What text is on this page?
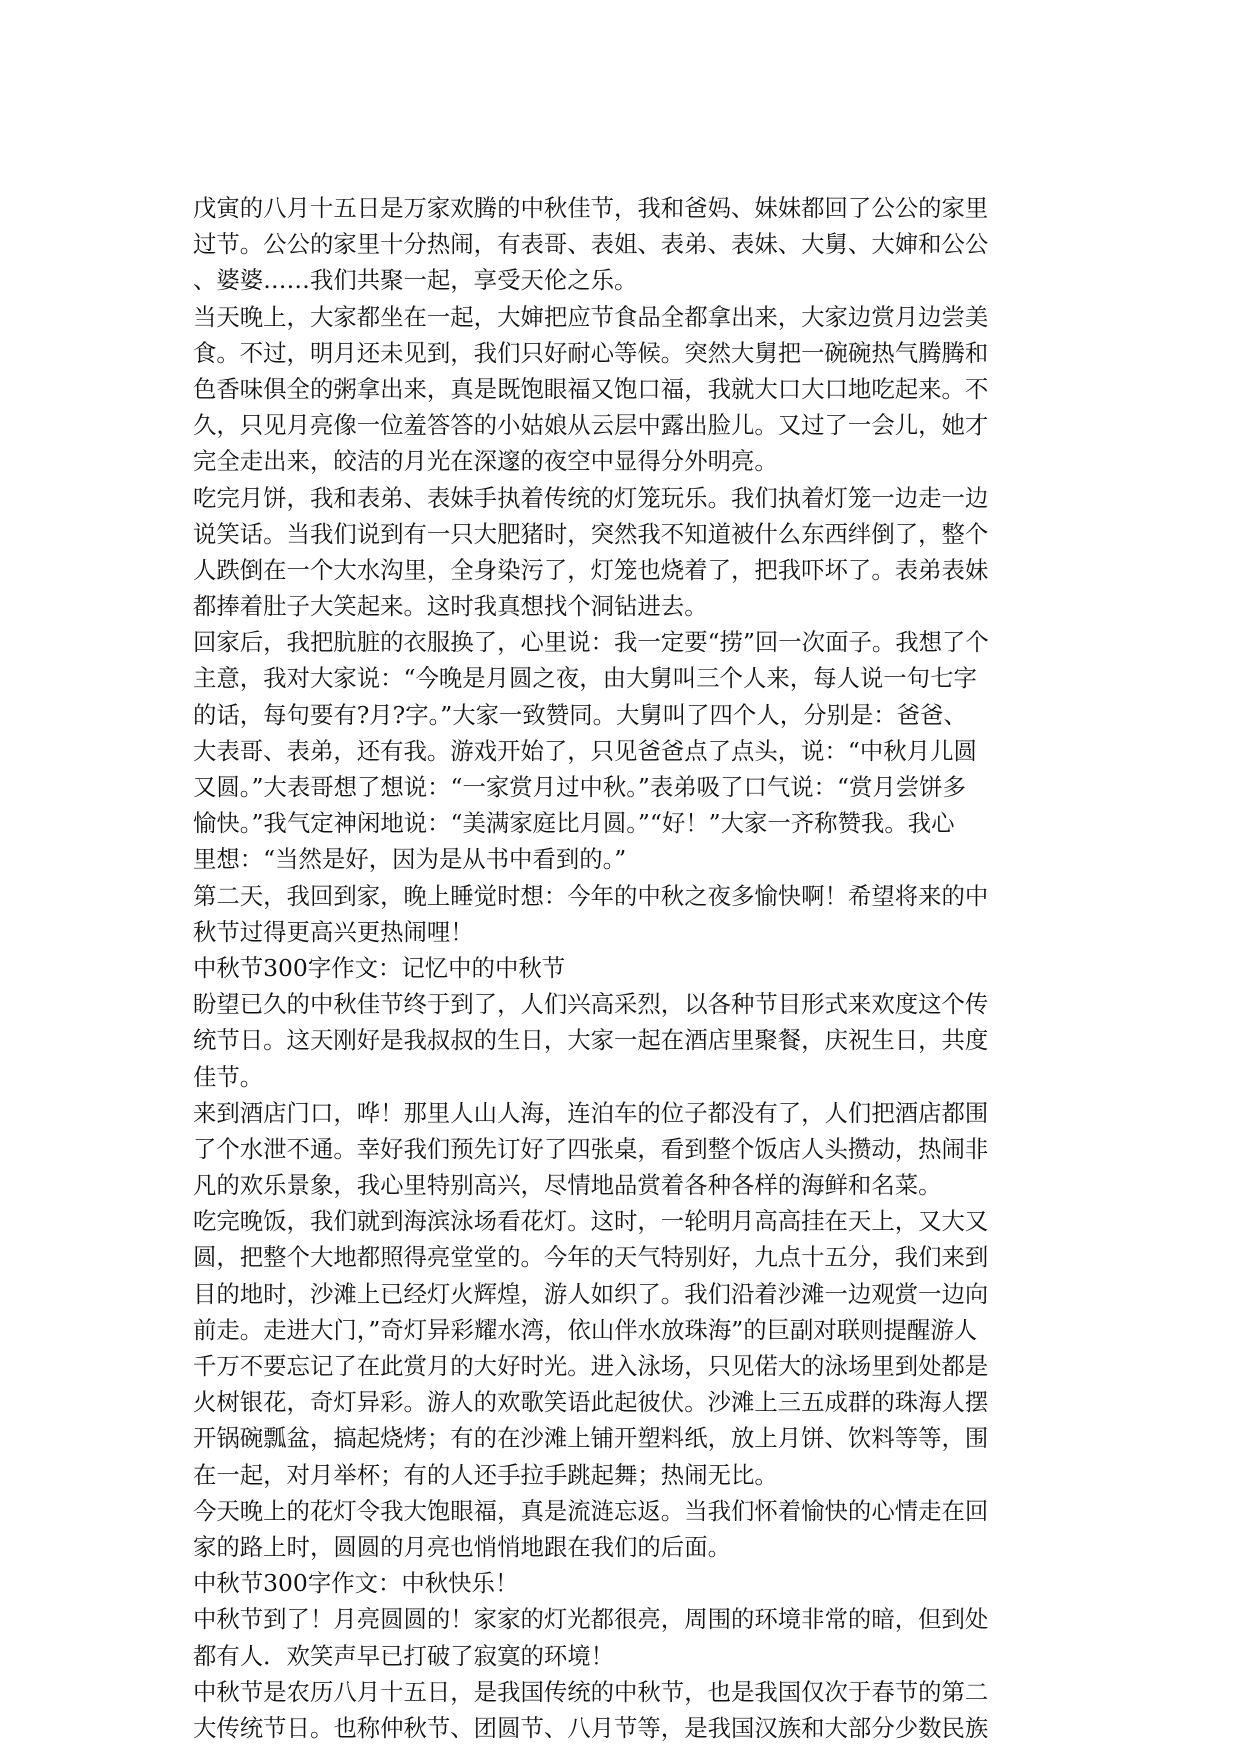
戊寅的八月十五日是万家欢腾的中秋佳节，我和爸妈、妹妹都回了公公的家里
过节。公公的家里十分热闹，有表哥、表姐、表弟、表妹、大舅、大婶和公公
、婆婆……我们共聚一起，享受天伦之乐。
当天晚上，大家都坐在一起，大婶把应节食品全都拿出来，大家边赏月边尝美
食。不过，明月还未见到，我们只好耐心等候。突然大舅把一碗碗热气腾腾和
色香味俱全的粥拿出来，真是既饱眼福又饱口福，我就大口大口地吃起来。不
久，只见月亮像一位羞答答的小姑娘从云层中露出脸儿。又过了一会儿，她才
完全走出来，皎洁的月光在深邃的夜空中显得分外明亮。
吃完月饼，我和表弟、表妹手执着传统的灯笼玩乐。我们执着灯笼一边走一边
说笑话。当我们说到有一只大肥猪时，突然我不知道被什么东西绊倒了，整个
人跌倒在一个大水沟里，全身染污了，灯笼也烧着了，把我吓坏了。表弟表妹
都捧着肚子大笑起来。这时我真想找个洞钻进去。
回家后，我把肮脏的衣服换了，心里说：我一定要“捞”回一次面子。我想了个
主意，我对大家说：“今晚是月圆之夜，由大舅叫三个人来，每人说一句七字
的话，每句要有?月?字。”大家一致赞同。大舅叫了四个人，分别是：爸爸、
大表哥、表弟，还有我。游戏开始了，只见爸爸点了点头，说：“中秋月儿圆
又圆。”大表哥想了想说：“一家赏月过中秋。”表弟吸了口气说：“赏月尝饼多
愉快。”我气定神闲地说：“美满家庭比月圆。”“好！”大家一齐称赞我。我心
里想：“当然是好，因为是从书中看到的。”
第二天，我回到家，晚上睡觉时想：今年的中秋之夜多愉快啊！希望将来的中
秋节过得更高兴更热闹哩！
中秋节300字作文：记忆中的中秋节
盼望已久的中秋佳节终于到了，人们兴高采烈，以各种节目形式来欢度这个传
统节日。这天刚好是我叔叔的生日，大家一起在酒店里聚餐，庆祝生日，共度
佳节。
来到酒店门口，哗！那里人山人海，连泊车的位子都没有了，人们把酒店都围
了个水泄不通。幸好我们预先订好了四张桌，看到整个饭店人头攒动，热闹非
凡的欢乐景象，我心里特别高兴，尽情地品赏着各种各样的海鲜和名菜。
吃完晚饭，我们就到海滨泳场看花灯。这时，一轮明月高高挂在天上，又大又
圆，把整个大地都照得亮堂堂的。今年的天气特别好，九点十五分，我们来到
目的地时，沙滩上已经灯火辉煌，游人如织了。我们沿着沙滩一边观赏一边向
前走。走进大门，”奇灯异彩耀水湾，依山伴水放珠海”的巨副对联则提醒游人
千万不要忘记了在此赏月的大好时光。进入泳场，只见偌大的泳场里到处都是
火树银花，奇灯异彩。游人的欢歌笑语此起彼伏。沙滩上三五成群的珠海人摆
开锅碗瓢盆，搞起烧烤；有的在沙滩上铺开塑料纸，放上月饼、饮料等等，围
在一起，对月举杯；有的人还手拉手跳起舞；热闹无比。
今天晚上的花灯令我大饱眼福，真是流涟忘返。当我们怀着愉快的心情走在回
家的路上时，圆圆的月亮也悄悄地跟在我们的后面。
中秋节300字作文：中秋快乐！
中秋节到了！月亮圆圆的！家家的灯光都很亮，周围的环境非常的暗，但到处
都有人．欢笑声早已打破了寂寞的环境！
中秋节是农历八月十五日，是我国传统的中秋节，也是我国仅次于春节的第二
大传统节日。也称仲秋节、团圆节、八月节等，是我国汉族和大部分少数民族
